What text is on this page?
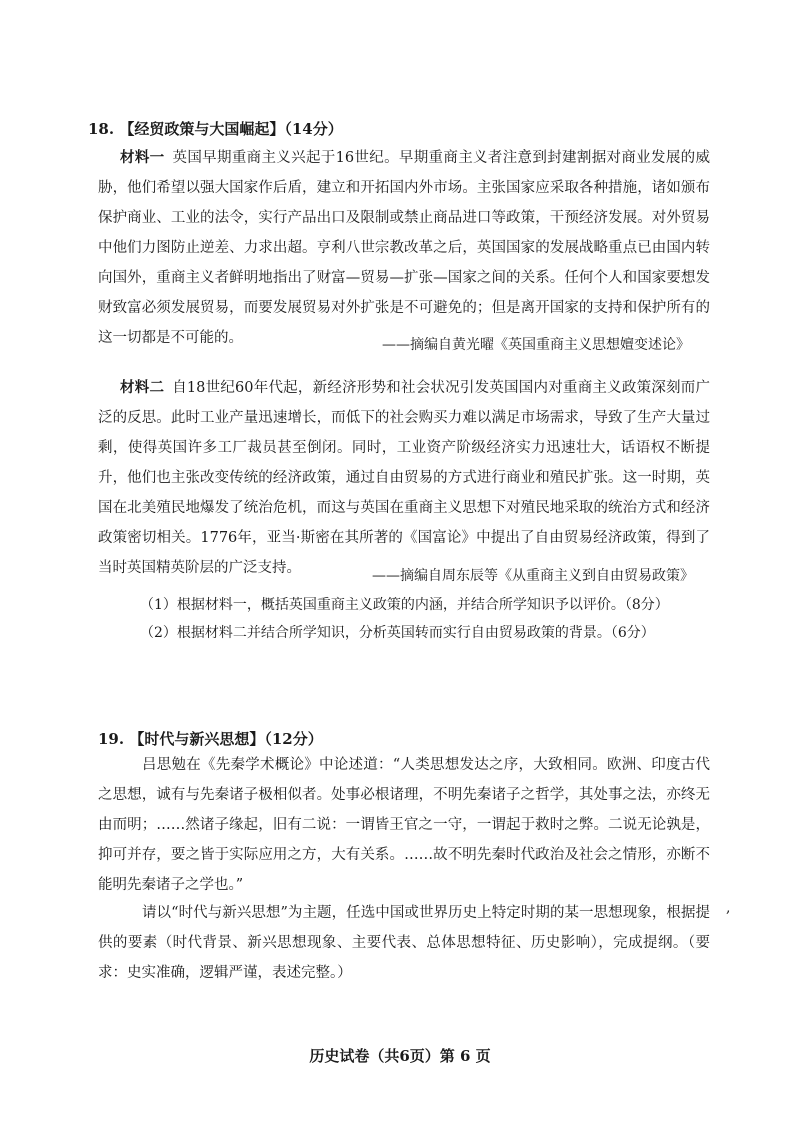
18. 【经贸政策与大国崛起】（14分）
材料一 英国早期重商主义兴起于16世纪。早期重商主义者注意到封建割据对商业发展的威胁，他们希望以强大国家作后盾，建立和开拓国内外市场。主张国家应采取各种措施，诸如颁布保护商业、工业的法令，实行产品出口及限制或禁止商品进口等政策，干预经济发展。对外贸易中他们力图防止逆差、力求出超。亨利八世宗教改革之后，英国国家的发展战略重点已由国内转向国外，重商主义者鲜明地指出了财富—贸易—扩张—国家之间的关系。任何个人和国家要想发财致富必须发展贸易，而要发展贸易对外扩张是不可避免的；但是离开国家的支持和保护所有的这一切都是不可能的。	——摘编自黄光曜《英国重商主义思想嬗变述论》
材料二 自18世纪60年代起，新经济形势和社会状况引发英国国内对重商主义政策深刻而广泛的反思。此时工业产量迅速增长，而低下的社会购买力难以满足市场需求，导致了生产大量过剩，使得英国许多工厂裁员甚至倒闭。同时，工业资产阶级经济实力迅速壮大，话语权不断提升，他们也主张改变传统的经济政策，通过自由贸易的方式进行商业和殖民扩张。这一时期，英国在北美殖民地爆发了统治危机，而这与英国在重商主义思想下对殖民地采取的统治方式和经济政策密切相关。1776年，亚当·斯密在其所著的《国富论》中提出了自由贸易经济政策，得到了当时英国精英阶层的广泛支持。	——摘编自周东辰等《从重商主义到自由贸易政策》
（1）根据材料一，概括英国重商主义政策的内涵，并结合所学知识予以评价。（8分）
（2）根据材料二并结合所学知识，分析英国转而实行自由贸易政策的背景。（6分）
19. 【时代与新兴思想】（12分）
吕思勉在《先秦学术概论》中论述道：“人类思想发达之序，大致相同。欧洲、印度古代之思想，诚有与先秦诸子极相似者。处事必根诸理，不明先秦诸子之哲学，其处事之法，亦终无由而明；……然诸子缘起，旧有二说：一谓皆王官之一守，一谓起于救时之弊。二说无论孰是，抑可并存，要之皆于实际应用之方，大有关系。……故不明先秦时代政治及社会之情形，亦断不能明先秦诸子之学也。”
请以“时代与新兴思想”为主题，任选中国或世界历史上特定时期的某一思想现象，根据提供的要素（时代背景、新兴思想现象、主要代表、总体思想特征、历史影响），完成提纲。（要求：史实准确，逻辑严谨，表述完整。）
,
历史试卷（共6页）第 6 页
